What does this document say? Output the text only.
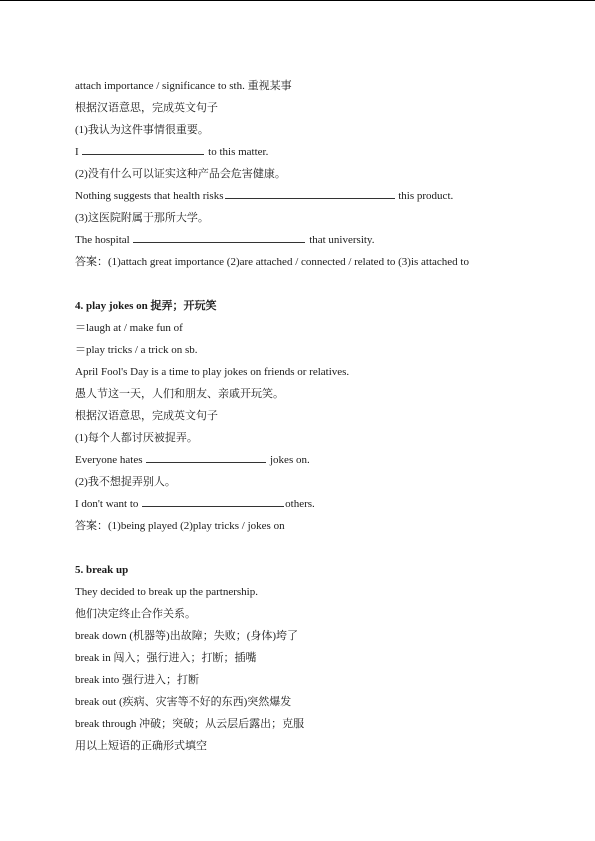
attach importance / significance to sth. 重视某事
根据汉语意思，完成英文句子
(1)我认为这件事情很重要。
I	to this matter.
(2)没有什么可以证实这种产品会危害健康。
Nothing suggests that health risks	this product.
(3)这医院附属于那所大学。
The hospital	that university.
答案：(1)attach great importance (2)are attached / connected / related to (3)is attached to
4. play jokes on 捉弄；开玩笑
＝laugh at / make fun of
＝play tricks / a trick on sb.
April Fool's Day is a time to play jokes on friends or relatives.
愚人节这一天，人们和朋友、亲戚开玩笑。
根据汉语意思，完成英文句子
(1)每个人都讨厌被捉弄。
Everyone hates	jokes on.
(2)我不想捉弄别人。
I don't want to	others.
答案：(1)being played (2)play tricks / jokes on
5. break up
They decided to break up the partnership.
他们决定终止合作关系。
break down (机器等)出故障；失败；(身体)垮了
break in 闯入；强行进入；打断；插嘴
break into 强行进入；打断
break out (疾病、灾害等不好的东西)突然爆发
break through 冲破；突破；从云层后露出；克服
用以上短语的正确形式填空
